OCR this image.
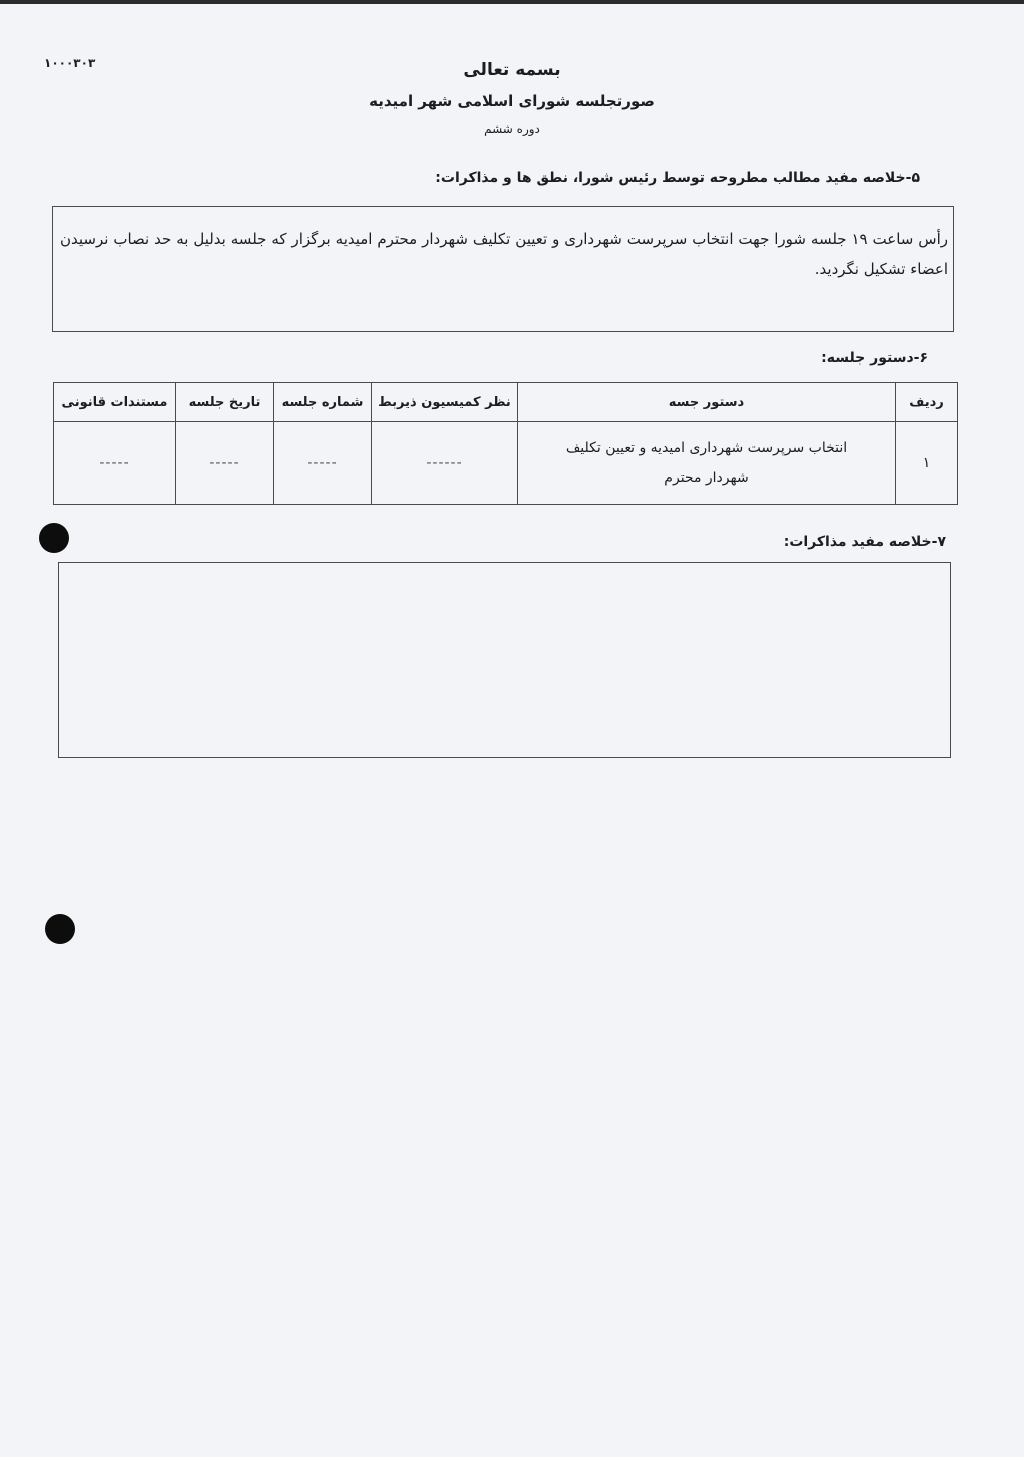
۱۰۰۰۳۰۳	بسمه تعالی
صورتجلسه شورای اسلامی شهر امیدیه
دوره ششم
۵-خلاصه مفید مطالب مطروحه توسط رئیس شورا، نطق ها و مذاکرات:
رأس ساعت ۱۹ جلسه شورا جهت انتخاب سرپرست شهرداری و تعیین تکلیف شهردار محترم امیدیه برگزار که جلسه بدلیل به حد نصاب نرسیدن اعضاء تشکیل نگردید.
۶-دستور جلسه:
ردیف	دستور جسه	نظر کمیسیون ذیربط	شماره جلسه	تاریخ جلسه	مستندات قانونی
۱	انتخاب سرپرست شهرداری امیدیه و تعیین تکلیف شهردار محترم	------	-----	-----	-----
۷-خلاصه مفید مذاکرات:
